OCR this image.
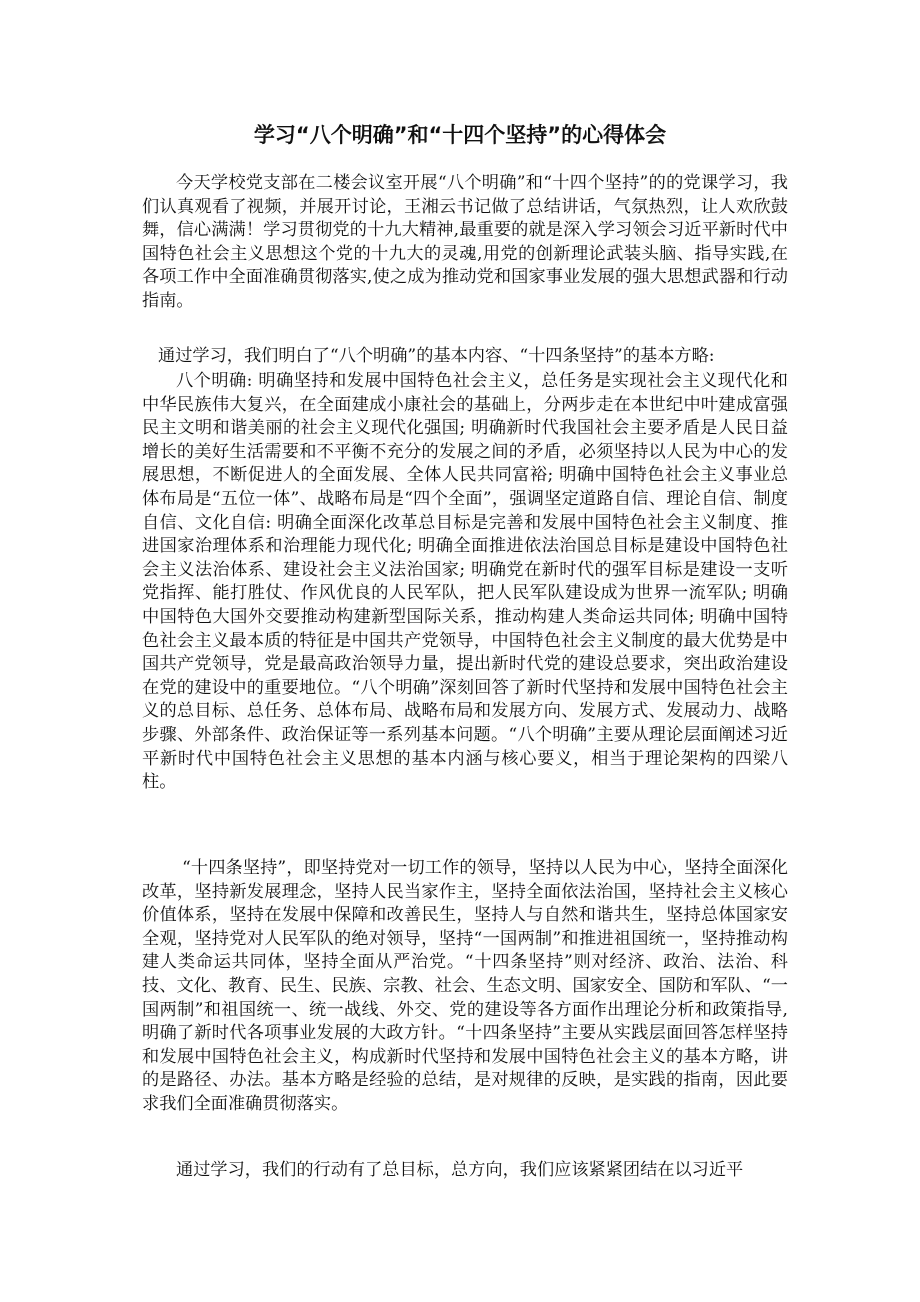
学习“八个明确”和“十四个坚持”的心得体会

今天学校党支部在二楼会议室开展“八个明确”和“十四个坚持”的的党课学习，我们认真观看了视频，并展开讨论，王湘云书记做了总结讲话，气氛热烈，让人欢欣鼓舞，信心满满！学习贯彻党的十九大精神,最重要的就是深入学习领会习近平新时代中国特色社会主义思想这个党的十九大的灵魂,用党的创新理论武装头脑、指导实践,在各项工作中全面准确贯彻落实,使之成为推动党和国家事业发展的强大思想武器和行动指南。

通过学习，我们明白了“八个明确”的基本内容、“十四条坚持”的基本方略:

八个明确: 明确坚持和发展中国特色社会主义，总任务是实现社会主义现代化和中华民族伟大复兴，在全面建成小康社会的基础上，分两步走在本世纪中叶建成富强民主文明和谐美丽的社会主义现代化强国; 明确新时代我国社会主要矛盾是人民日益增长的美好生活需要和不平衡不充分的发展之间的矛盾，必须坚持以人民为中心的发展思想，不断促进人的全面发展、全体人民共同富裕; 明确中国特色社会主义事业总体布局是“五位一体”、战略布局是“四个全面”，强调坚定道路自信、理论自信、制度自信、文化自信: 明确全面深化改革总目标是完善和发展中国特色社会主义制度、推进国家治理体系和治理能力现代化; 明确全面推进依法治国总目标是建设中国特色社会主义法治体系、建设社会主义法治国家; 明确党在新时代的强军目标是建设一支听党指挥、能打胜仗、作风优良的人民军队，把人民军队建设成为世界一流军队; 明确中国特色大国外交要推动构建新型国际关系，推动构建人类命运共同体; 明确中国特色社会主义最本质的特征是中国共产党领导，中国特色社会主义制度的最大优势是中国共产党领导，党是最高政治领导力量，提出新时代党的建设总要求，突出政治建设在党的建设中的重要地位。“八个明确”深刻回答了新时代坚持和发展中国特色社会主义的总目标、总任务、总体布局、战略布局和发展方向、发展方式、发展动力、战略步骤、外部条件、政治保证等一系列基本问题。“八个明确”主要从理论层面阐述习近平新时代中国特色社会主义思想的基本内涵与核心要义，相当于理论架构的四梁八柱。

“十四条坚持”，即坚持党对一切工作的领导，坚持以人民为中心，坚持全面深化改革，坚持新发展理念，坚持人民当家作主，坚持全面依法治国，坚持社会主义核心价值体系，坚持在发展中保障和改善民生，坚持人与自然和谐共生，坚持总体国家安全观，坚持党对人民军队的绝对领导，坚持“一国两制”和推进祖国统一，坚持推动构建人类命运共同体，坚持全面从严治党。“十四条坚持”则对经济、政治、法治、科技、文化、教育、民生、民族、宗教、社会、生态文明、国家安全、国防和军队、“一国两制”和祖国统一、统一战线、外交、党的建设等各方面作出理论分析和政策指导,明确了新时代各项事业发展的大政方针。“十四条坚持”主要从实践层面回答怎样坚持和发展中国特色社会主义，构成新时代坚持和发展中国特色社会主义的基本方略，讲的是路径、办法。基本方略是经验的总结，是对规律的反映，是实践的指南，因此要求我们全面准确贯彻落实。

通过学习，我们的行动有了总目标，总方向，我们应该紧紧团结在以习近平
